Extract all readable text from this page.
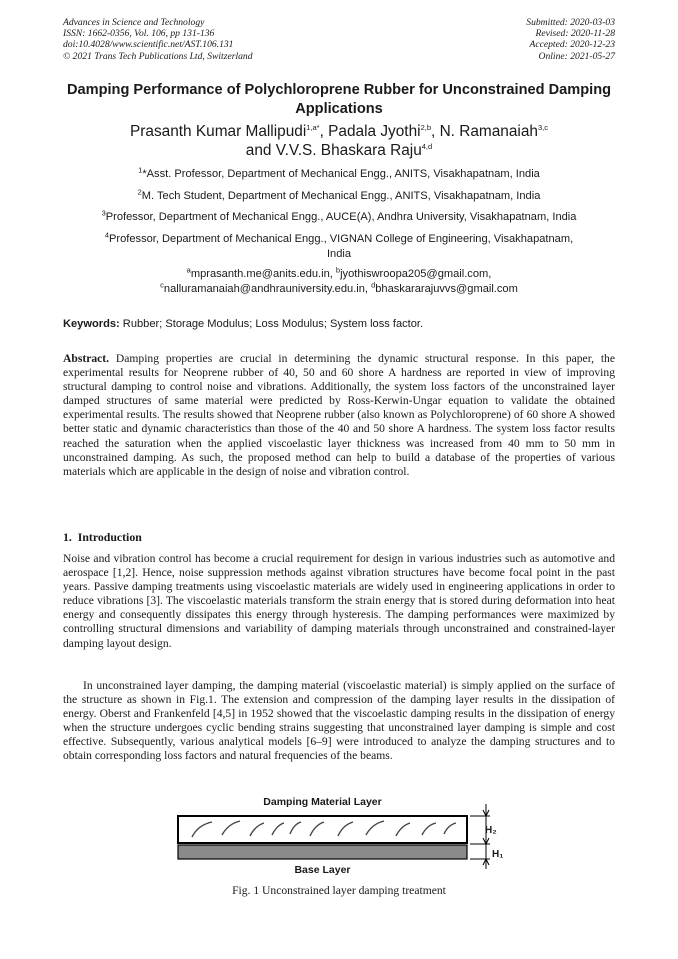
Advances in Science and Technology
ISSN: 1662-0356, Vol. 106, pp 131-136
doi:10.4028/www.scientific.net/AST.106.131
© 2021 Trans Tech Publications Ltd, Switzerland
Submitted: 2020-03-03
Revised: 2020-11-28
Accepted: 2020-12-23
Online: 2021-05-27
Damping Performance of Polychloroprene Rubber for Unconstrained Damping Applications
Prasanth Kumar Mallipudi$^{1,a*}$, Padala Jyothi$^{2,b}$, N. Ramanaiah$^{3,c}$
and V.V.S. Bhaskara Raju$^{4,d}$
$^1$*Asst. Professor, Department of Mechanical Engg., ANITS, Visakhapatnam, India
$^2$M. Tech Student, Department of Mechanical Engg., ANITS, Visakhapatnam, India
$^3$Professor, Department of Mechanical Engg., AUCE(A), Andhra University, Visakhapatnam, India
$^4$Professor, Department of Mechanical Engg., VIGNAN College of Engineering, Visakhapatnam, India
$^a$mprasanth.me@anits.edu.in, $^b$jyothiswroopa205@gmail.com,
$^c$nalluramanaiah@andhrauniversity.edu.in, $^d$bhaskararajuvvs@gmail.com
Keywords: Rubber; Storage Modulus; Loss Modulus; System loss factor.
Abstract. Damping properties are crucial in determining the dynamic structural response. In this paper, the experimental results for Neoprene rubber of 40, 50 and 60 shore A hardness are reported in view of improving structural damping to control noise and vibrations. Additionally, the system loss factors of the unconstrained layer damped structures of same material were predicted by Ross-Kerwin-Ungar equation to validate the obtained experimental results. The results showed that Neoprene rubber (also known as Polychloroprene) of 60 shore A showed better static and dynamic characteristics than those of the 40 and 50 shore A hardness. The system loss factor results reached the saturation when the applied viscoelastic layer thickness was increased from 40 mm to 50 mm in unconstrained damping. As such, the proposed method can help to build a database of the properties of various materials which are applicable in the design of noise and vibration control.
1. Introduction

Noise and vibration control has become a crucial requirement for design in various industries such as automotive and aerospace [1,2]. Hence, noise suppression methods against vibration structures have become focal point in the past years. Passive damping treatments using viscoelastic materials are widely used in engineering applications in order to reduce vibrations [3]. The viscoelastic materials transform the strain energy that is stored during deformation into heat energy and consequently dissipates this energy through hysteresis. The damping performances were maximized by controlling structural dimensions and variability of damping materials through unconstrained and constrained-layer damping layout design.

In unconstrained layer damping, the damping material (viscoelastic material) is simply applied on the surface of the structure as shown in Fig.1. The extension and compression of the damping layer results in the dissipation of energy. Oberst and Frankenfeld [4,5] in 1952 showed that the viscoelastic damping results in the dissipation of energy when the structure undergoes cyclic bending strains suggesting that unconstrained layer damping is simple and cost effective. Subsequently, various analytical models [6–9] were introduced to analyze the damping structures and to obtain corresponding loss factors and natural frequencies of the beams.

Damping Material Layer
Base Layer
H₂
H₁
Fig. 1 Unconstrained layer damping treatment
